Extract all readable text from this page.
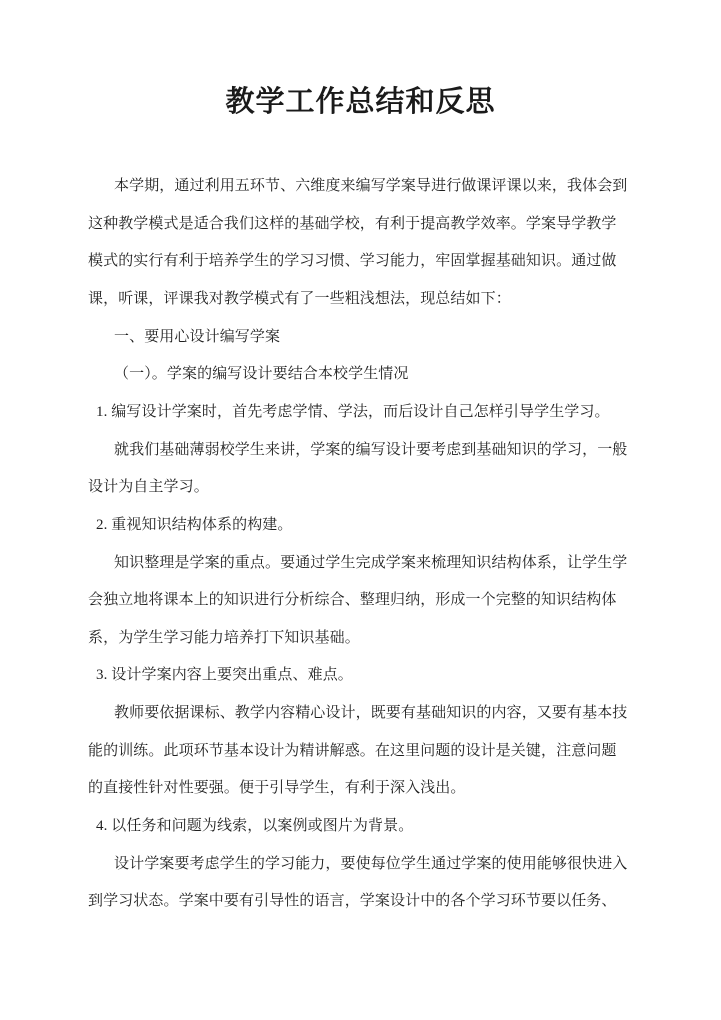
教学工作总结和反思
本学期，通过利用五环节、六维度来编写学案导进行做课评课以来，我体会到
这种教学模式是适合我们这样的基础学校，有利于提高教学效率。学案导学教学
模式的实行有利于培养学生的学习习惯、学习能力，牢固掌握基础知识。通过做
课，听课，评课我对教学模式有了一些粗浅想法，现总结如下：
一、要用心设计编写学案
（一）。学案的编写设计要结合本校学生情况
1. 编写设计学案时，首先考虑学情、学法，而后设计自己怎样引导学生学习。
就我们基础薄弱校学生来讲，学案的编写设计要考虑到基础知识的学习，一般
设计为自主学习。
2. 重视知识结构体系的构建。
知识整理是学案的重点。要通过学生完成学案来梳理知识结构体系，让学生学
会独立地将课本上的知识进行分析综合、整理归纳，形成一个完整的知识结构体
系，为学生学习能力培养打下知识基础。
3. 设计学案内容上要突出重点、难点。
教师要依据课标、教学内容精心设计，既要有基础知识的内容，又要有基本技
能的训练。此项环节基本设计为精讲解惑。在这里问题的设计是关键，注意问题
的直接性针对性要强。便于引导学生，有利于深入浅出。
4. 以任务和问题为线索，以案例或图片为背景。
设计学案要考虑学生的学习能力，要使每位学生通过学案的使用能够很快进入
到学习状态。学案中要有引导性的语言，学案设计中的各个学习环节要以任务、
